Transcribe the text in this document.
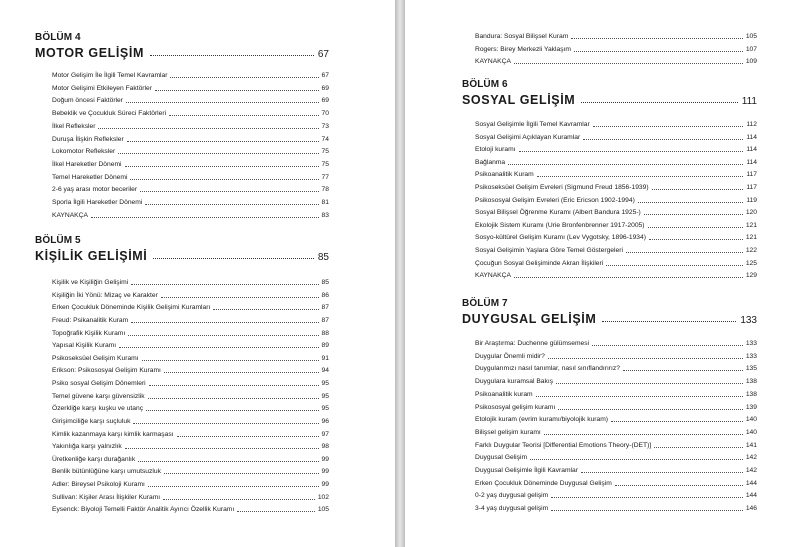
BÖLÜM 4
MOTOR GELİŞİM	67
Motor Gelişim İle İlgili Temel Kavramlar	67
Motor Gelişimi Etkileyen Faktörler	69
Doğum öncesi Faktörler	69
Bebeklik ve Çocukluk Süreci Faktörleri	70
İlkel Refleksler	73
Duruşa İlişkin Refleksler	74
Lokomotor Refleksler	75
İlkel Hareketler Dönemi	75
Temel Hareketler Dönemi	77
2-6 yaş arası motor beceriler	78
Sporla İlgili Hareketler Dönemi	81
KAYNAKÇA	83
BÖLÜM 5
KİŞİLİK GELİŞİMİ	85
Kişilik ve Kişiliğin Gelişimi	85
Kişiliğin İki Yönü: Mizaç ve Karakter	86
Erken Çocukluk Döneminde Kişilik Gelişimi Kuramları	87
Freud: Psikanalitik Kuram	87
Topoğrafik Kişilik Kuramı	88
Yapısal Kişilik Kuramı	89
Psikoseksüel Gelişim Kuramı	91
Erikson: Psikososyal Gelişim Kuramı	94
Psiko sosyal Gelişim Dönemleri	95
Temel güvene karşı güvensizlik	95
Özerkliğe karşı kuşku ve utanç	95
Girişimciliğe karşı suçluluk	96
Kimlik kazanmaya karşı kimlik karmaşası	97
Yakınlığa karşı yalnızlık	98
Üretkenliğe karşı durağanlık	99
Benlik bütünlüğüne karşı umutsuzluk	99
Adler: Bireysel Psikoloji Kuramı	99
Sullivan: Kişiler Arası İlişkiler Kuramı	102
Eysenck: Biyoloji Temelli Faktör Analitik Ayırıcı Özellik Kuramı	105
Bandura: Sosyal Bilişsel Kuram	105
Rogers: Birey Merkezli Yaklaşım	107
KAYNAKÇA	109
BÖLÜM 6
SOSYAL GELİŞİM	111
Sosyal Gelişimle İlgili Temel Kavramlar	112
Sosyal Gelişimi Açıklayan Kuramlar	114
Etoloji kuramı	114
Bağlanma	114
Psikoanalitik Kuram	117
Psikoseksüel Gelişim Evreleri (Sigmund Freud 1856-1939)	117
Psikososyal Gelişim Evreleri (Eric Ericson 1902-1994)	119
Sosyal Bilişsel Öğrenme Kuramı (Albert Bandura 1925-)	120
Ekolojik Sistem Kuramı (Urie Bronfenbrenner 1917-2005)	121
Sosyo-kültürel Gelişim Kuramı (Lev Vygotsky, 1896-1934)	121
Sosyal Gelişimin Yaşlara Göre Temel Göstergeleri	122
Çocuğun Sosyal Gelişiminde Akran İlişkileri	125
KAYNAKÇA	129
BÖLÜM 7
DUYGUSAL GELİŞİM	133
Bir Araştırma: Duchenne gülümsemesi	133
Duygular Önemli midir?	133
Duygularımızı nasıl tanımlar, nasıl sınıflandırırız?	135
Duygulara kuramsal Bakış	138
Psikoanalitik kuram	138
Psikososyal gelişim kuramı	139
Etolojik kuram (evrim kuramı/biyolojik kuram)	140
Bilişsel gelişim kuramı	140
Farklı Duygular Teorisi [Differential Emotions Theory-(DET)]	141
Duygusal Gelişim	142
Duygusal Gelişimle İlgili Kavramlar	142
Erken Çocukluk Döneminde Duygusal Gelişim	144
0-2 yaş duygusal gelişim	144
3-4 yaş duygusal gelişim	146
